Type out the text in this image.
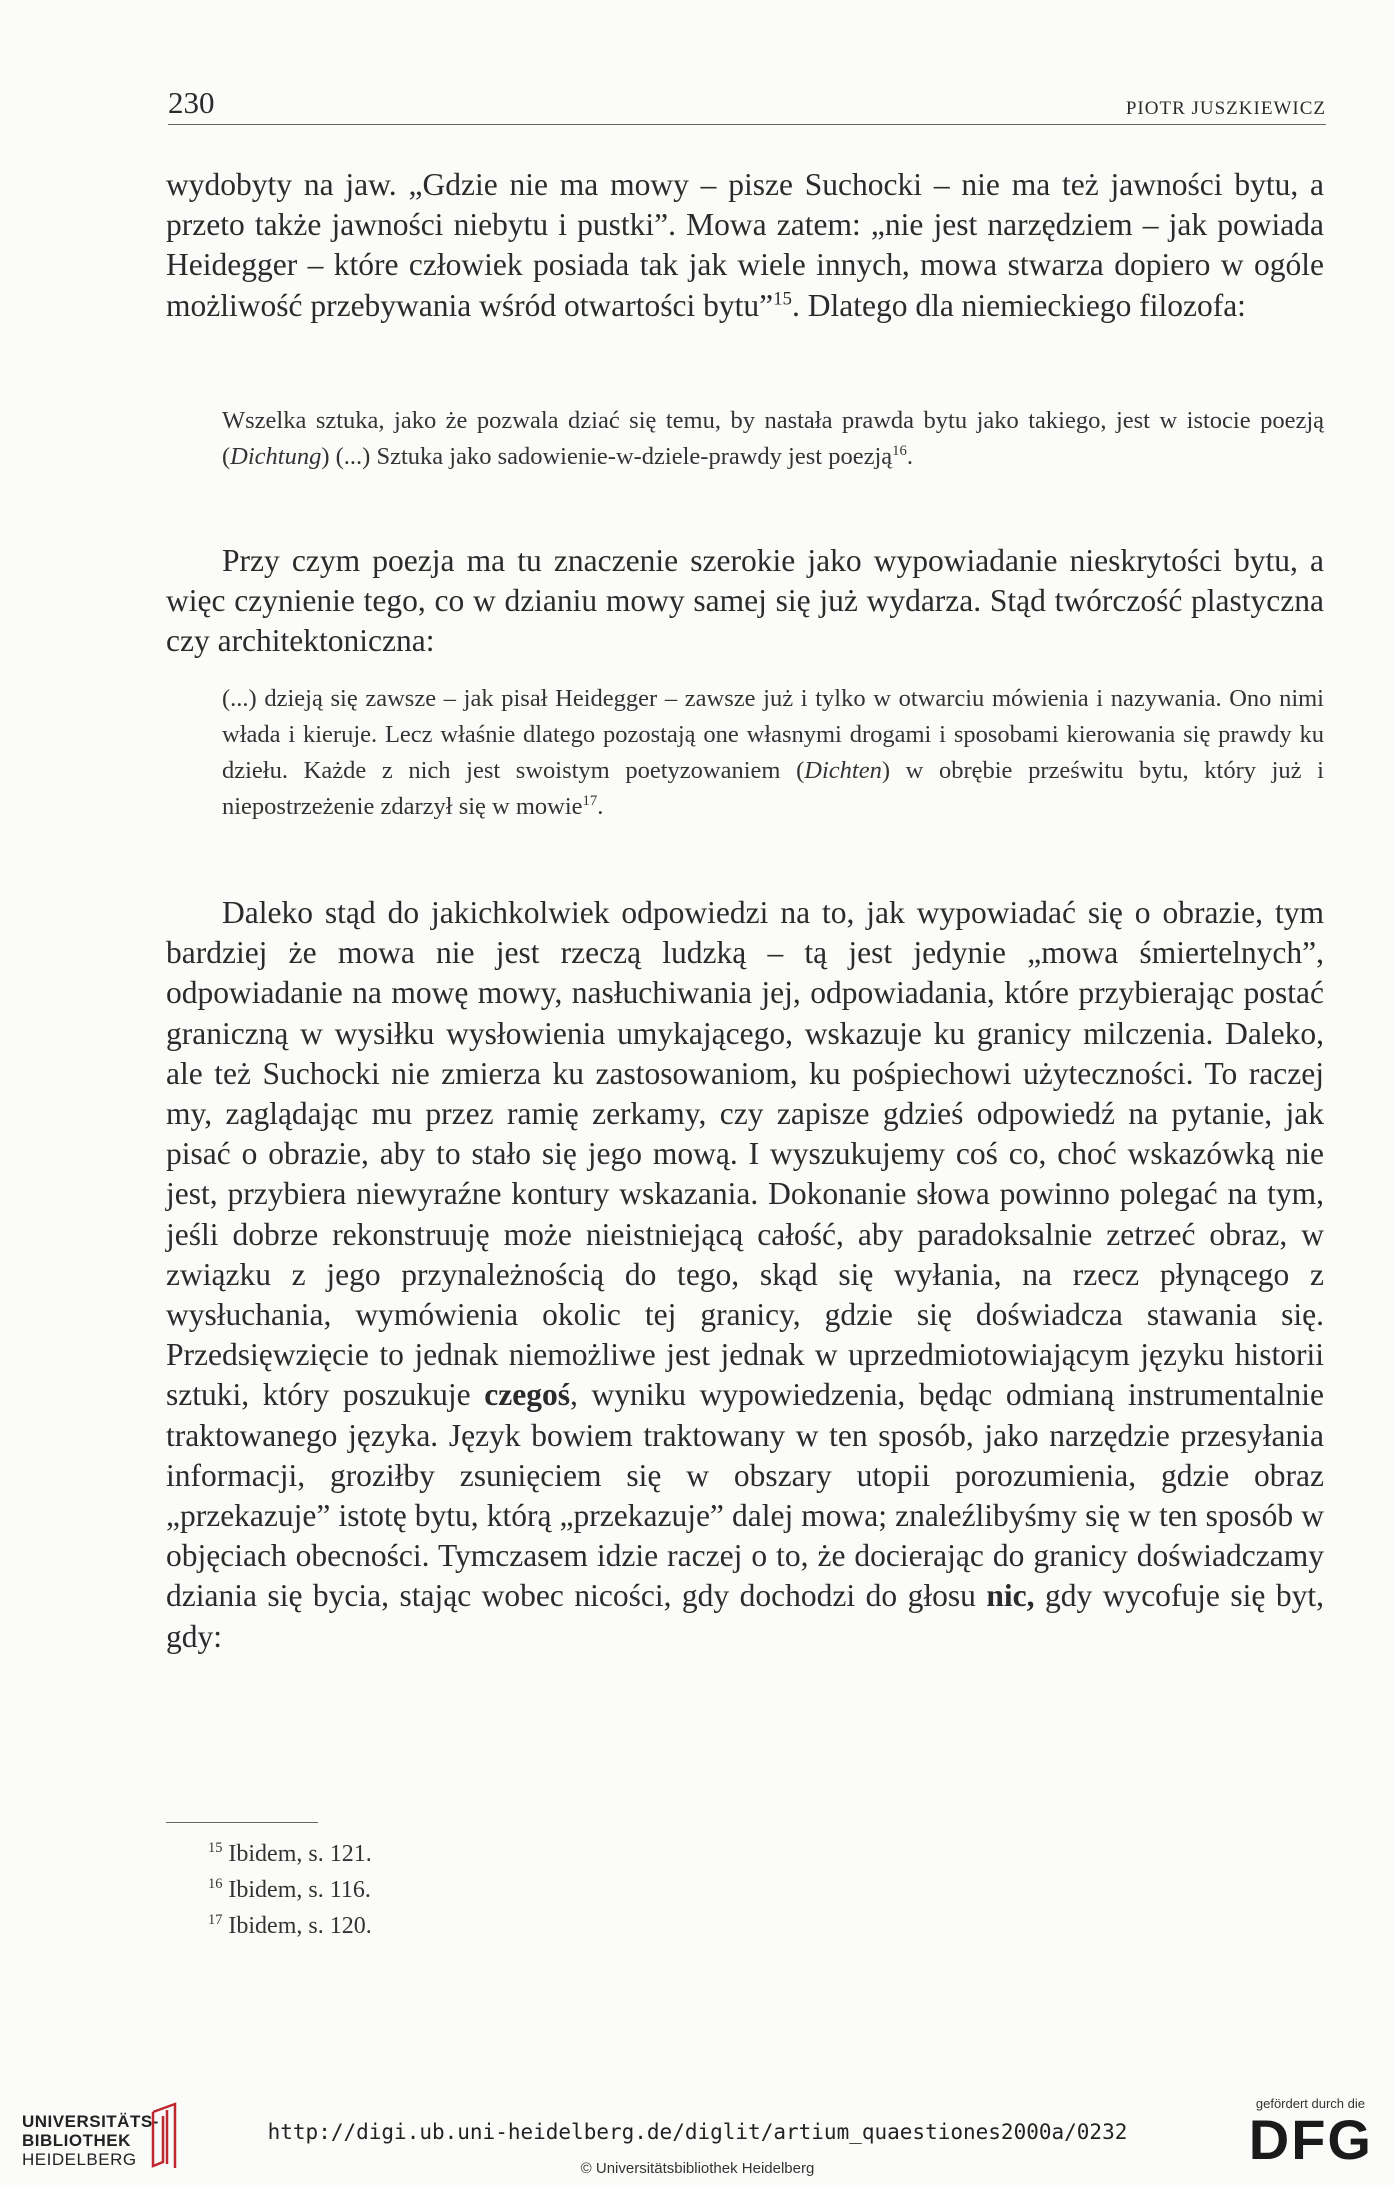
230	PIOTR JUSZKIEWICZ

wydobyty na jaw. „Gdzie nie ma mowy – pisze Suchocki – nie ma też jawności bytu, a przeto także jawności niebytu i pustki”. Mowa zatem: „nie jest narzędziem – jak powiada Heidegger – które człowiek posiada tak jak wiele innych, mowa stwarza dopiero w ogóle możliwość przebywania wśród otwartości bytu”$^{15}$. Dlatego dla niemieckiego filozofa:

Wszelka sztuka, jako że pozwala dziać się temu, by nastała prawda bytu jako takiego, jest w istocie poezją (Dichtung) (...) Sztuka jako sadowienie-w-dziele-prawdy jest poezją$^{16}$.

Przy czym poezja ma tu znaczenie szerokie jako wypowiadanie nieskrytości bytu, a więc czynienie tego, co w dzianiu mowy samej się już wydarza. Stąd twórczość plastyczna czy architektoniczna:

(...) dzieją się zawsze – jak pisał Heidegger – zawsze już i tylko w otwarciu mówienia i nazywania. Ono nimi włada i kieruje. Lecz właśnie dlatego pozostają one własnymi drogami i sposobami kierowania się prawdy ku dziełu. Każde z nich jest swoistym poetyzowaniem (Dichten) w obrębie prześwitu bytu, który już i niepostrzeżenie zdarzył się w mowie$^{17}$.

Daleko stąd do jakichkolwiek odpowiedzi na to, jak wypowiadać się o obrazie, tym bardziej że mowa nie jest rzeczą ludzką – tą jest jedynie „mowa śmiertelnych”, odpowiadanie na mowę mowy, nasłuchiwania jej, odpowiadania, które przybierając postać graniczną w wysiłku wysłowienia umykającego, wskazuje ku granicy milczenia. Daleko, ale też Suchocki nie zmierza ku zastosowaniom, ku pośpiechowi użyteczności. To raczej my, zaglądając mu przez ramię zerkamy, czy zapisze gdzieś odpowiedź na pytanie, jak pisać o obrazie, aby to stało się jego mową. I wyszukujemy coś co, choć wskazówką nie jest, przybiera niewyraźne kontury wskazania. Dokonanie słowa powinno polegać na tym, jeśli dobrze rekonstruuję może nieistniejącą całość, aby paradoksalnie zetrzeć obraz, w związku z jego przynależnością do tego, skąd się wyłania, na rzecz płynącego z wysłuchania, wymówienia okolic tej granicy, gdzie się doświadcza stawania się. Przedsięwzięcie to jednak niemożliwe jest jednak w uprzedmiotowiającym języku historii sztuki, który poszukuje czegoś, wyniku wypowiedzenia, będąc odmianą instrumentalnie traktowanego języka. Język bowiem traktowany w ten sposób, jako narzędzie przesyłania informacji, groziłby zsunięciem się w obszary utopii porozumienia, gdzie obraz „przekazuje” istotę bytu, którą „przekazuje” dalej mowa; znaleźlibyśmy się w ten sposób w objęciach obecności. Tymczasem idzie raczej o to, że docierając do granicy doświadczamy dziania się bycia, stając wobec nicości, gdy dochodzi do głosu nic, gdy wycofuje się byt, gdy:

$^{15}$ Ibidem, s. 121.
$^{16}$ Ibidem, s. 116.
$^{17}$ Ibidem, s. 120.
UNIVERSITÄTS-
BIBLIOTHEK
HEIDELBERG
http://digi.ub.uni-heidelberg.de/diglit/artium_quaestiones2000a/0232
© Universitätsbibliothek Heidelberg
gefördert durch die
DFG
